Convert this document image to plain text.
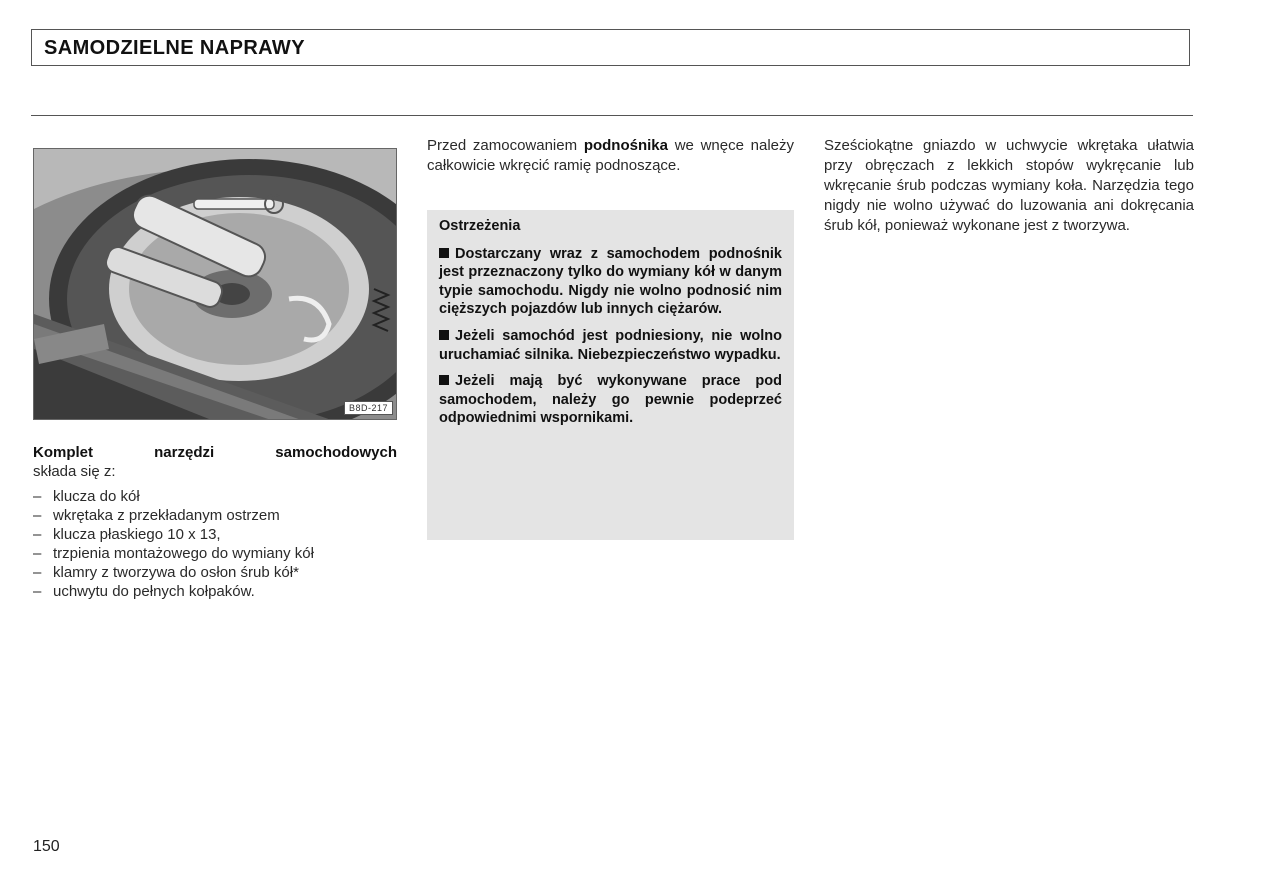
SAMODZIELNE NAPRAWY
B8D-217
Komplet	narzędzi	samochodowych
składa się z:
– klucza do kół
– wkrętaka z przekładanym ostrzem
– klucza płaskiego 10 x 13,
– trzpienia montażowego do wymiany kół
– klamry z tworzywa do osłon śrub kół*
– uchwytu do pełnych kołpaków.
Przed zamocowaniem podnośnika we wnęce należy całkowicie wkręcić ramię podnoszące.
Ostrzeżenia
Dostarczany wraz z samochodem podnośnik jest przeznaczony tylko do wymiany kół w danym typie samochodu. Nigdy nie wolno podnosić nim cięższych pojazdów lub innych ciężarów.
Jeżeli samochód jest podniesiony, nie wolno uruchamiać silnika. Niebezpieczeństwo wypadku.
Jeżeli mają być wykonywane prace pod samochodem, należy go pewnie podeprzeć odpowiednimi wspornikami.
Sześciokątne gniazdo w uchwycie wkrętaka ułatwia przy obręczach z lekkich stopów wykręcanie lub wkręcanie śrub podczas wymiany koła. Narzędzia tego nigdy nie wolno używać do luzowania ani dokręcania śrub kół, ponieważ wykonane jest z tworzywa.
150
